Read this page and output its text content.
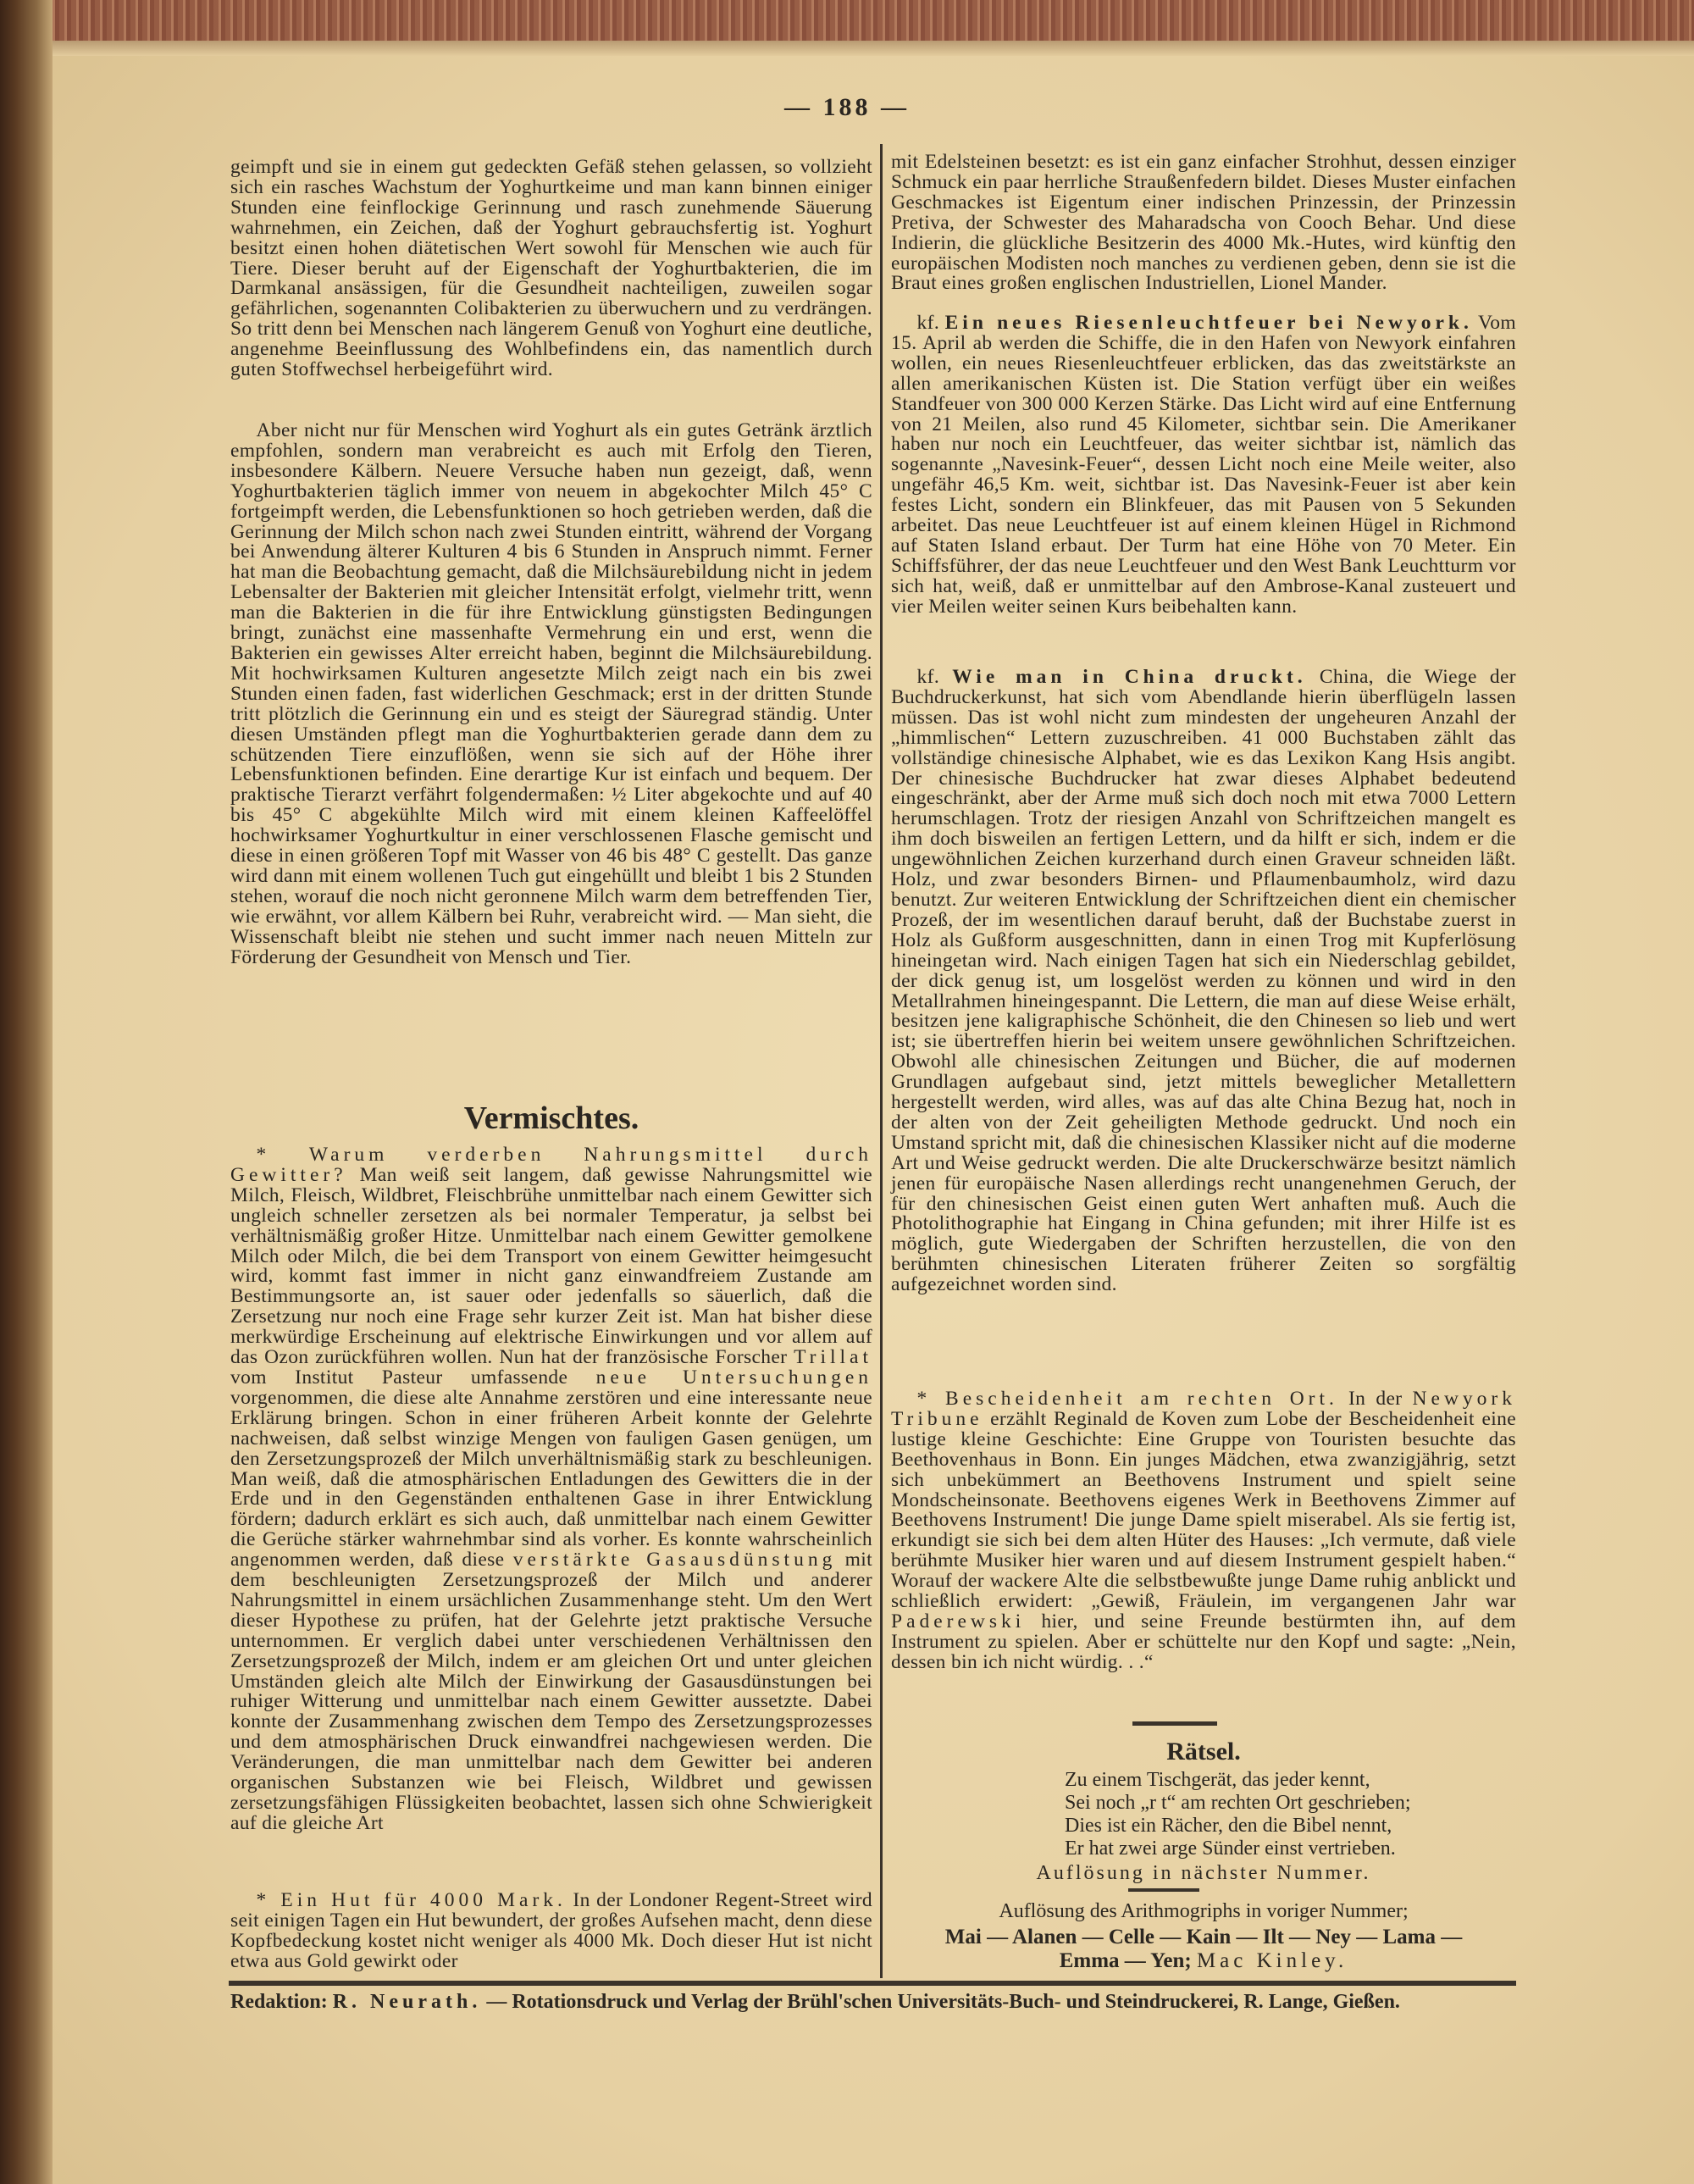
— 188 —

geimpft und sie in einem gut gedeckten Gefäß stehen gelassen, so vollzieht sich ein rasches Wachstum der Yoghurtkeime und man kann binnen einiger Stunden eine feinflockige Gerinnung und rasch zunehmende Säuerung wahrnehmen, ein Zeichen, daß der Yoghurt gebrauchsfertig ist. Yoghurt besitzt einen hohen diätetischen Wert sowohl für Menschen wie auch für Tiere. Dieser beruht auf der Eigenschaft der Yoghurtbakterien, die im Darmkanal ansässigen, für die Gesundheit nachteiligen, zuweilen sogar gefährlichen, sogenannten Colibakterien zu überwuchern und zu verdrängen. So tritt denn bei Menschen nach längerem Genuß von Yoghurt eine deutliche, angenehme Beeinflussung des Wohlbefindens ein, das namentlich durch guten Stoffwechsel herbeigeführt wird.

Aber nicht nur für Menschen wird Yoghurt als ein gutes Getränk ärztlich empfohlen, sondern man verabreicht es auch mit Erfolg den Tieren, insbesondere Kälbern. Neuere Versuche haben nun gezeigt, daß, wenn Yoghurtbakterien täglich immer von neuem in abgekochter Milch 45° C fortgeimpft werden, die Lebensfunktionen so hoch getrieben werden, daß die Gerinnung der Milch schon nach zwei Stunden eintritt, während der Vorgang bei Anwendung älterer Kulturen 4 bis 6 Stunden in Anspruch nimmt. Ferner hat man die Beobachtung gemacht, daß die Milchsäurebildung nicht in jedem Lebensalter der Bakterien mit gleicher Intensität erfolgt, vielmehr tritt, wenn man die Bakterien in die für ihre Entwicklung günstigsten Bedingungen bringt, zunächst eine massenhafte Vermehrung ein und erst, wenn die Bakterien ein gewisses Alter erreicht haben, beginnt die Milchsäurebildung. Mit hochwirksamen Kulturen angesetzte Milch zeigt nach ein bis zwei Stunden einen faden, fast widerlichen Geschmack; erst in der dritten Stunde tritt plötzlich die Gerinnung ein und es steigt der Säuregrad ständig. Unter diesen Umständen pflegt man die Yoghurtbakterien gerade dann dem zu schützenden Tiere einzuflößen, wenn sie sich auf der Höhe ihrer Lebensfunktionen befinden. Eine derartige Kur ist einfach und bequem. Der praktische Tierarzt verfährt folgendermaßen: ½ Liter abgekochte und auf 40 bis 45° C abgekühlte Milch wird mit einem kleinen Kaffeelöffel hochwirksamer Yoghurtkultur in einer verschlossenen Flasche gemischt und diese in einen größeren Topf mit Wasser von 46 bis 48° C gestellt. Das ganze wird dann mit einem wollenen Tuch gut eingehüllt und bleibt 1 bis 2 Stunden stehen, worauf die noch nicht geronnene Milch warm dem betreffenden Tier, wie erwähnt, vor allem Kälbern bei Ruhr, verabreicht wird. — Man sieht, die Wissenschaft bleibt nie stehen und sucht immer nach neuen Mitteln zur Förderung der Gesundheit von Mensch und Tier.

Vermischtes.

* Warum verderben Nahrungsmittel durch Gewitter? Man weiß seit langem, daß gewisse Nahrungsmittel wie Milch, Fleisch, Wildbret, Fleischbrühe unmittelbar nach einem Gewitter sich ungleich schneller zersetzen als bei normaler Temperatur, ja selbst bei verhältnismäßig großer Hitze. Unmittelbar nach einem Gewitter gemolkene Milch oder Milch, die bei dem Transport von einem Gewitter heimgesucht wird, kommt fast immer in nicht ganz einwandfreiem Zustande am Bestimmungsorte an, ist sauer oder jedenfalls so säuerlich, daß die Zersetzung nur noch eine Frage sehr kurzer Zeit ist. Man hat bisher diese merkwürdige Erscheinung auf elektrische Einwirkungen und vor allem auf das Ozon zurückführen wollen. Nun hat der französische Forscher Trillat vom Institut Pasteur umfassende neue Untersuchungen vorgenommen, die diese alte Annahme zerstören und eine interessante neue Erklärung bringen. Schon in einer früheren Arbeit konnte der Gelehrte nachweisen, daß selbst winzige Mengen von fauligen Gasen genügen, um den Zersetzungsprozeß der Milch unverhältnismäßig stark zu beschleunigen. Man weiß, daß die atmosphärischen Entladungen des Gewitters die in der Erde und in den Gegenständen enthaltenen Gase in ihrer Entwicklung fördern; dadurch erklärt es sich auch, daß unmittelbar nach einem Gewitter die Gerüche stärker wahrnehmbar sind als vorher. Es konnte wahrscheinlich angenommen werden, daß diese verstärkte Gasausdünstung mit dem beschleunigten Zersetzungsprozeß der Milch und anderer Nahrungsmittel in einem ursächlichen Zusammenhange steht. Um den Wert dieser Hypothese zu prüfen, hat der Gelehrte jetzt praktische Versuche unternommen. Er verglich dabei unter verschiedenen Verhältnissen den Zersetzungsprozeß der Milch, indem er am gleichen Ort und unter gleichen Umständen gleich alte Milch der Einwirkung der Gasausdünstungen bei ruhiger Witterung und unmittelbar nach einem Gewitter aussetzte. Dabei konnte der Zusammenhang zwischen dem Tempo des Zersetzungsprozesses und dem atmosphärischen Druck einwandfrei nachgewiesen werden. Die Veränderungen, die man unmittelbar nach dem Gewitter bei anderen organischen Substanzen wie bei Fleisch, Wildbret und gewissen zersetzungsfähigen Flüssigkeiten beobachtet, lassen sich ohne Schwierigkeit auf die gleiche Art

* Ein Hut für 4000 Mark. In der Londoner Regent-Street wird seit einigen Tagen ein Hut bewundert, der großes Aufsehen macht, denn diese Kopfbedeckung kostet nicht weniger als 4000 Mk. Doch dieser Hut ist nicht etwa aus Gold gewirkt oder

mit Edelsteinen besetzt: es ist ein ganz einfacher Strohhut, dessen einziger Schmuck ein paar herrliche Straußenfedern bildet. Dieses Muster einfachen Geschmackes ist Eigentum einer indischen Prinzessin, der Prinzessin Pretiva, der Schwester des Maharadscha von Cooch Behar. Und diese Indierin, die glückliche Besitzerin des 4000 Mk.-Hutes, wird künftig den europäischen Modisten noch manches zu verdienen geben, denn sie ist die Braut eines großen englischen Industriellen, Lionel Mander.

kf. Ein neues Riesenleuchtfeuer bei Newyork. Vom 15. April ab werden die Schiffe, die in den Hafen von Newyork einfahren wollen, ein neues Riesenleuchtfeuer erblicken, das das zweitstärkste an allen amerikanischen Küsten ist. Die Station verfügt über ein weißes Standfeuer von 300 000 Kerzen Stärke. Das Licht wird auf eine Entfernung von 21 Meilen, also rund 45 Kilometer, sichtbar sein. Die Amerikaner haben nur noch ein Leuchtfeuer, das weiter sichtbar ist, nämlich das sogenannte „Navesink-Feuer“, dessen Licht noch eine Meile weiter, also ungefähr 46,5 Km. weit, sichtbar ist. Das Navesink-Feuer ist aber kein festes Licht, sondern ein Blinkfeuer, das mit Pausen von 5 Sekunden arbeitet. Das neue Leuchtfeuer ist auf einem kleinen Hügel in Richmond auf Staten Island erbaut. Der Turm hat eine Höhe von 70 Meter. Ein Schiffsführer, der das neue Leuchtfeuer und den West Bank Leuchtturm vor sich hat, weiß, daß er unmittelbar auf den Ambrose-Kanal zusteuert und vier Meilen weiter seinen Kurs beibehalten kann.

kf. Wie man in China druckt. China, die Wiege der Buchdruckerkunst, hat sich vom Abendlande hierin überflügeln lassen müssen. Das ist wohl nicht zum mindesten der ungeheuren Anzahl der „himmlischen“ Lettern zuzuschreiben. 41 000 Buchstaben zählt das vollständige chinesische Alphabet, wie es das Lexikon Kang Hsis angibt. Der chinesische Buchdrucker hat zwar dieses Alphabet bedeutend eingeschränkt, aber der Arme muß sich doch noch mit etwa 7000 Lettern herumschlagen. Trotz der riesigen Anzahl von Schriftzeichen mangelt es ihm doch bisweilen an fertigen Lettern, und da hilft er sich, indem er die ungewöhnlichen Zeichen kurzerhand durch einen Graveur schneiden läßt. Holz, und zwar besonders Birnen- und Pflaumenbaumholz, wird dazu benutzt. Zur weiteren Entwicklung der Schriftzeichen dient ein chemischer Prozeß, der im wesentlichen darauf beruht, daß der Buchstabe zuerst in Holz als Gußform ausgeschnitten, dann in einen Trog mit Kupferlösung hineingetan wird. Nach einigen Tagen hat sich ein Niederschlag gebildet, der dick genug ist, um losgelöst werden zu können und wird in den Metallrahmen hineingespannt. Die Lettern, die man auf diese Weise erhält, besitzen jene kaligraphische Schönheit, die den Chinesen so lieb und wert ist; sie übertreffen hierin bei weitem unsere gewöhnlichen Schriftzeichen. Obwohl alle chinesischen Zeitungen und Bücher, die auf modernen Grundlagen aufgebaut sind, jetzt mittels beweglicher Metallettern hergestellt werden, wird alles, was auf das alte China Bezug hat, noch in der alten von der Zeit geheiligten Methode gedruckt. Und noch ein Umstand spricht mit, daß die chinesischen Klassiker nicht auf die moderne Art und Weise gedruckt werden. Die alte Druckerschwärze besitzt nämlich jenen für europäische Nasen allerdings recht unangenehmen Geruch, der für den chinesischen Geist einen guten Wert anhaften muß. Auch die Photolithographie hat Eingang in China gefunden; mit ihrer Hilfe ist es möglich, gute Wiedergaben der Schriften herzustellen, die von den berühmten chinesischen Literaten früherer Zeiten so sorgfältig aufgezeichnet worden sind.

* Bescheidenheit am rechten Ort. In der Newyork Tribune erzählt Reginald de Koven zum Lobe der Bescheidenheit eine lustige kleine Geschichte: Eine Gruppe von Touristen besuchte das Beethovenhaus in Bonn. Ein junges Mädchen, etwa zwanzigjährig, setzt sich unbekümmert an Beethovens Instrument und spielt seine Mondscheinsonate. Beethovens eigenes Werk in Beethovens Zimmer auf Beethovens Instrument! Die junge Dame spielt miserabel. Als sie fertig ist, erkundigt sie sich bei dem alten Hüter des Hauses: „Ich vermute, daß viele berühmte Musiker hier waren und auf diesem Instrument gespielt haben.“ Worauf der wackere Alte die selbstbewußte junge Dame ruhig anblickt und schließlich erwidert: „Gewiß, Fräulein, im vergangenen Jahr war Paderewski hier, und seine Freunde bestürmten ihn, auf dem Instrument zu spielen. Aber er schüttelte nur den Kopf und sagte: „Nein, dessen bin ich nicht würdig. . .“

Rätsel.
Zu einem Tischgerät, das jeder kennt,
Sei noch „r t“ am rechten Ort geschrieben;
Dies ist ein Rächer, den die Bibel nennt,
Er hat zwei arge Sünder einst vertrieben.
Auflösung in nächster Nummer.
Auflösung des Arithmogriphs in voriger Nummer;
Mai — Alanen — Celle — Kain — Ilt — Ney — Lama —
Emma — Yen; Mac Kinley.
Redaktion: R. Neurath. — Rotationsdruck und Verlag der Brühl'schen Universitäts-Buch- und Steindruckerei, R. Lange, Gießen.
